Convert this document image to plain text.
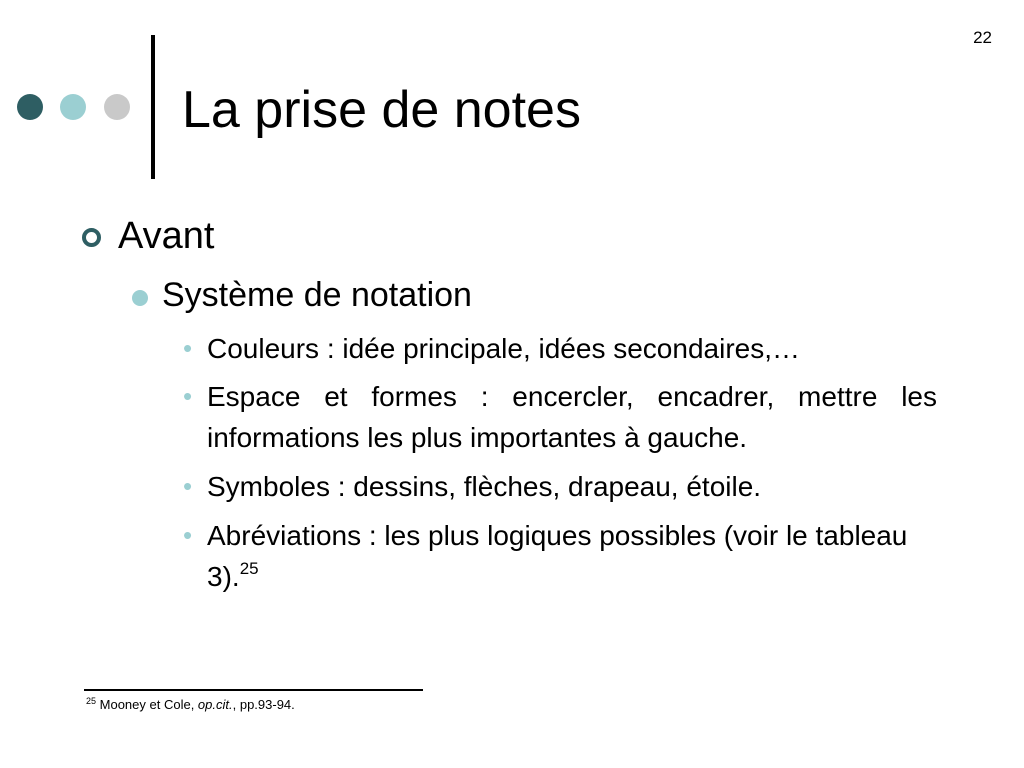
22
La prise de notes
Avant
Système de notation
• Couleurs : idée principale, idées secondaires,…
• Espace et formes : encercler, encadrer, mettre les informations les plus importantes à gauche.
• Symboles : dessins, flèches, drapeau, étoile.
• Abréviations : les plus logiques possibles (voir le tableau 3).$^{25}$
$^{25}$ Mooney et Cole, op.cit., pp.93-94.
